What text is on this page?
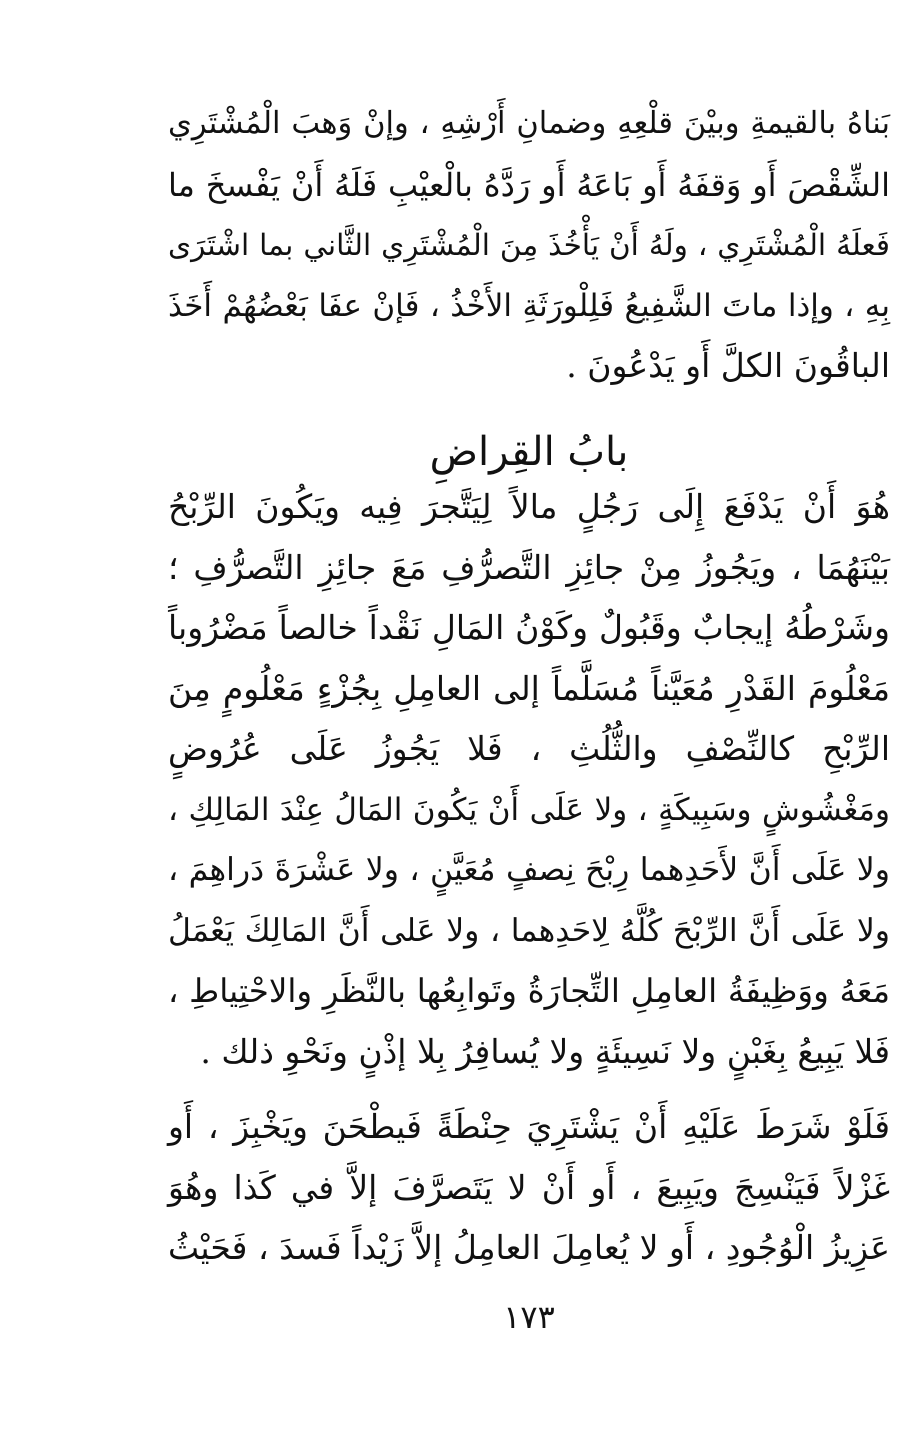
بَناهُ بالقيمةِ وبيْنَ قلْعِهِ وضمانِ أَرْشِهِ ، وإنْ وَهبَ الْمُشْتَرِي
الشِّقْصَ أَو وَقفَهُ أَو بَاعَهُ أَو رَدَّهُ بالْعيْبِ فَلَهُ أَنْ يَفْسخَ ما
فَعلَهُ الْمُشْتَرِي ، ولَهُ أَنْ يَأْخُذَ مِنَ الْمُشْتَرِي الثَّاني بما اشْتَرَى
بِهِ ، وإذا ماتَ الشَّفِيعُ فَلِلْورَثَةِ الأَخْذُ ، فَإنْ عفَا بَعْضُهُمْ أَخَذَ
الباقُونَ الكلَّ أَو يَدْعُونَ .
بابُ القِراضِ
هُوَ أَنْ يَدْفَعَ إِلَى رَجُلٍ مالاً لِيَتَّجرَ فِيه ويَكُونَ الرِّبْحُ
بَيْنَهُمَا ، ويَجُوزُ مِنْ جائِزِ التَّصرُّفِ مَعَ جائِزِ التَّصرُّفِ ؛
وشَرْطُهُ إيجابٌ وقَبُولٌ وكَوْنُ المَالِ نَقْداً خالصاً مَضْرُوباً
مَعْلُومَ القَدْرِ مُعَيَّناً مُسَلَّماً إلى العامِلِ بِجُزْءٍ مَعْلُومٍ مِنَ
الرِّبْحِ كالنِّصْفِ والثُّلُثِ ، فَلا يَجُوزُ عَلَى عُرُوضٍ
ومَغْشُوشٍ وسَبِيكَةٍ ، ولا عَلَى أَنْ يَكُونَ المَالُ عِنْدَ المَالِكِ ،
ولا عَلَى أَنَّ لأَحَدِهما رِبْحَ نِصفٍ مُعَيَّنٍ ، ولا عَشْرَةَ دَراهِمَ ،
ولا عَلَى أَنَّ الرِّبْحَ كُلَّهُ لِاحَدِهما ، ولا عَلى أَنَّ المَالِكَ يَعْمَلُ
مَعَهُ ووَظِيفَةُ العامِلِ التِّجارَةُ وتَوابِعُها بالنَّظَرِ والاحْتِياطِ ،
فَلا يَبِيعُ بِغَبْنٍ ولا نَسِيئَةٍ ولا يُسافِرُ بِلا إذْنٍ ونَحْوِ ذلك .
فَلَوْ شَرَطَ عَلَيْهِ أَنْ يَشْتَرِيَ حِنْطَةً فَيطْحَنَ ويَخْبِزَ ، أَو
غَزْلاً فَيَنْسِجَ ويَبِيعَ ، أَو أَنْ لا يَتَصرَّفَ إلاَّ في كَذا وهُوَ
عَزِيزُ الْوُجُودِ ، أَو لا يُعامِلَ العامِلُ إلاَّ زَيْداً فَسدَ ، فَحَيْثُ
١٧٣
